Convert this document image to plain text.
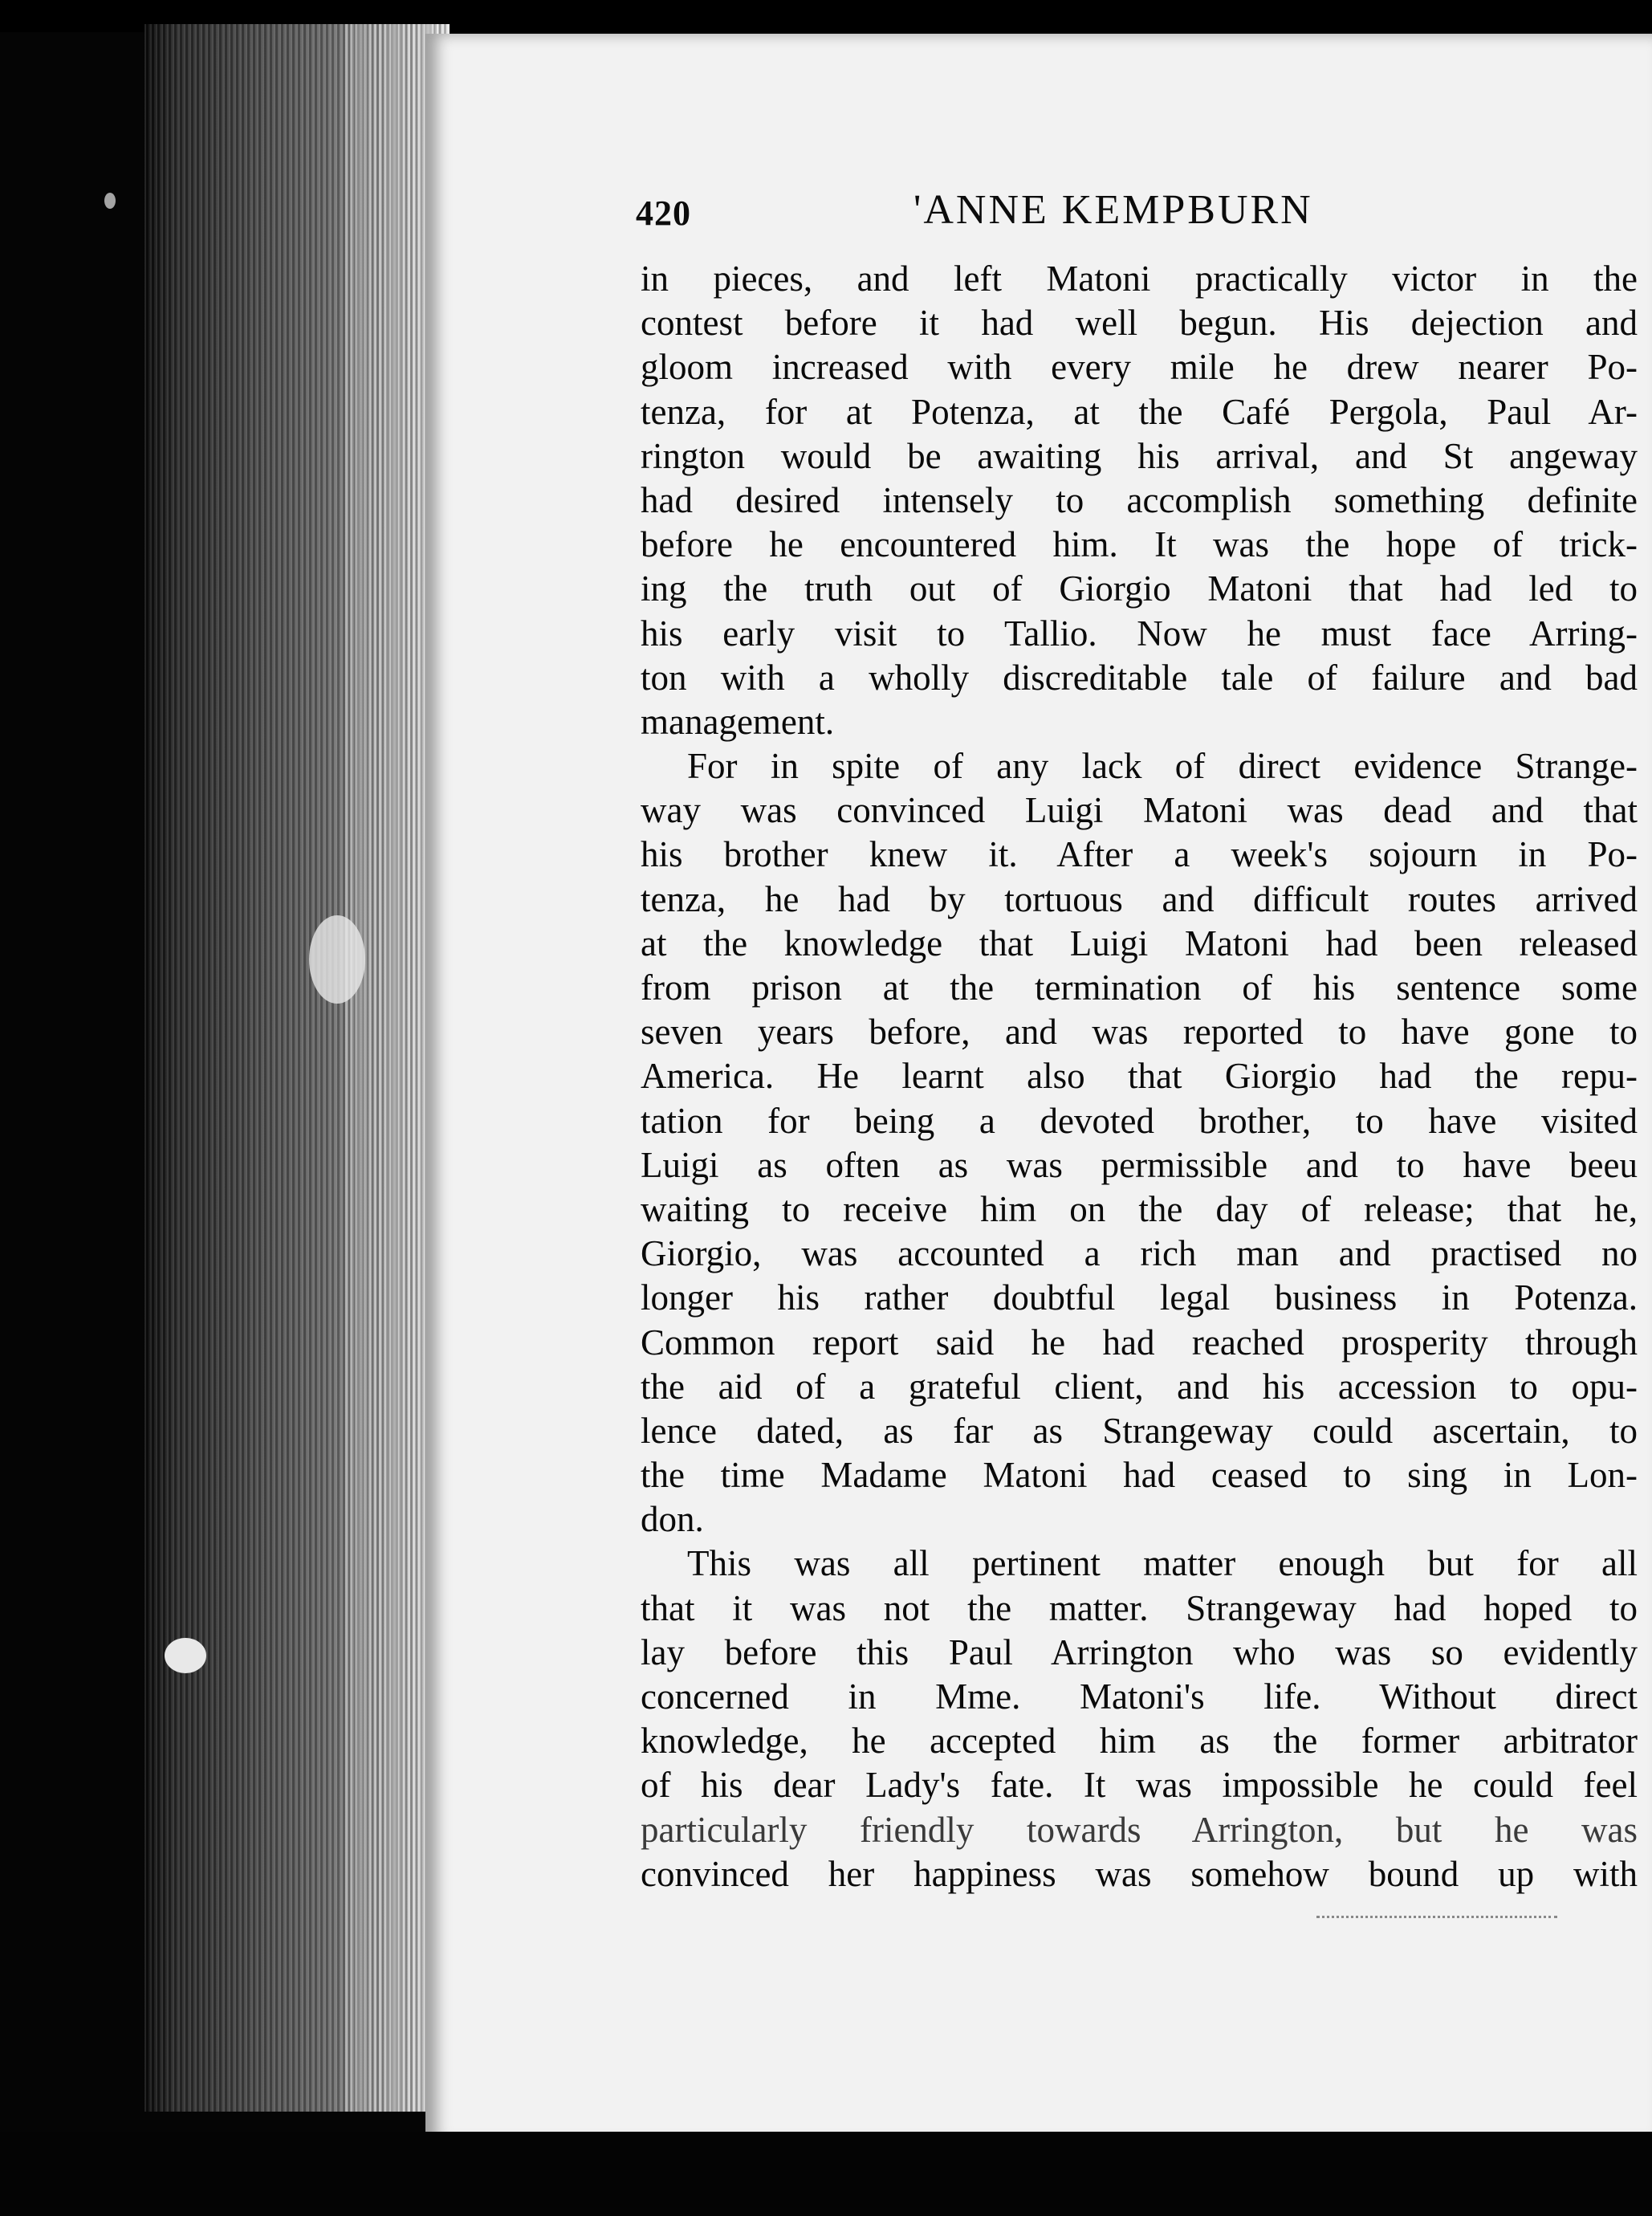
420	'ANNE KEMPBURN
in pieces, and left Matoni practically victor in the
contest before it had well begun. His dejection and
gloom increased with every mile he drew nearer Po-
tenza, for at Potenza, at the Café Pergola, Paul Ar-
rington would be awaiting his arrival, and St angeway
had desired intensely to accomplish something definite
before he encountered him. It was the hope of trick-
ing the truth out of Giorgio Matoni that had led to
his early visit to Tallio. Now he must face Arring-
ton with a wholly discreditable tale of failure and bad
management.
For in spite of any lack of direct evidence Strange-
way was convinced Luigi Matoni was dead and that
his brother knew it. After a week's sojourn in Po-
tenza, he had by tortuous and difficult routes arrived
at the knowledge that Luigi Matoni had been released
from prison at the termination of his sentence some
seven years before, and was reported to have gone to
America. He learnt also that Giorgio had the repu-
tation for being a devoted brother, to have visited
Luigi as often as was permissible and to have beeu
waiting to receive him on the day of release; that he,
Giorgio, was accounted a rich man and practised no
longer his rather doubtful legal business in Potenza.
Common report said he had reached prosperity through
the aid of a grateful client, and his accession to opu-
lence dated, as far as Strangeway could ascertain, to
the time Madame Matoni had ceased to sing in Lon-
don.
This was all pertinent matter enough but for all
that it was not the matter. Strangeway had hoped to
lay before this Paul Arrington who was so evidently
concerned in Mme. Matoni's life. Without direct
knowledge, he accepted him as the former arbitrator
of his dear Lady's fate. It was impossible he could feel
particularly friendly towards Arrington, but he was
convinced her happiness was somehow bound up with
